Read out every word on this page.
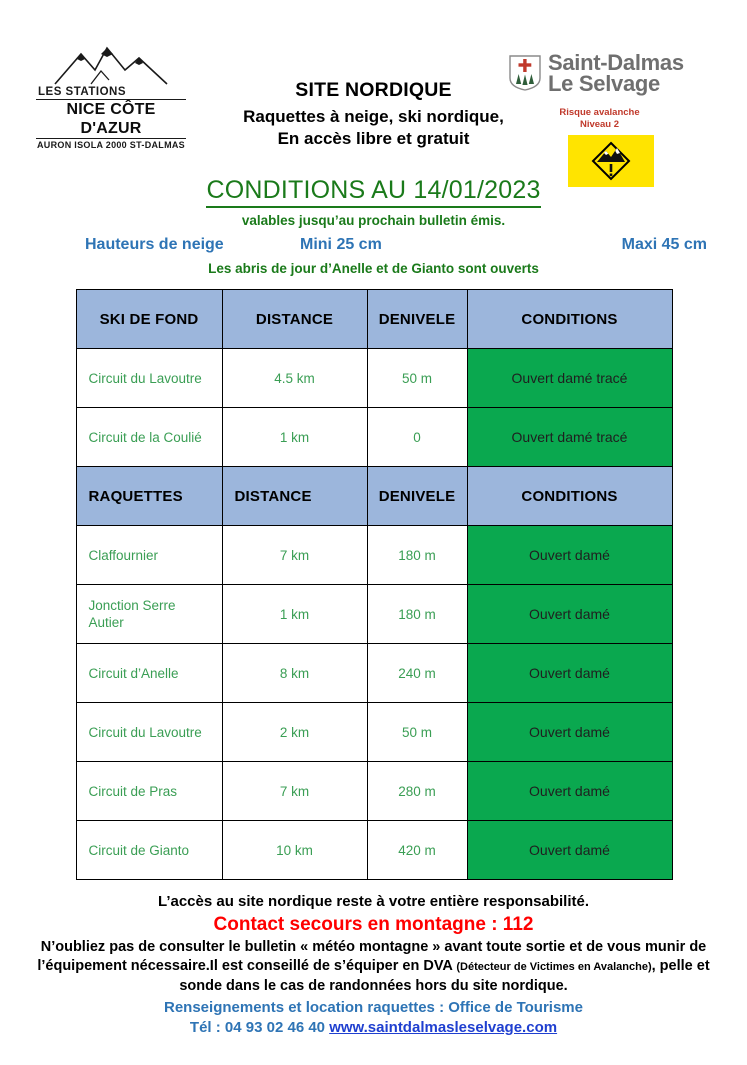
LES STATIONS
NICE CÔTE D'AZUR
AURON ISOLA 2000 ST-DALMAS
SITE NORDIQUE
Raquettes à neige, ski nordique,
En accès libre et gratuit
Saint-Dalmas
Le Selvage
Risque avalanche
Niveau 2
CONDITIONS AU 14/01/2023
valables jusqu’au prochain bulletin émis.
Hauteurs de neige	Mini 25 cm	Maxi 45 cm
Les abris de jour d’Anelle et de Gianto sont ouverts
SKI DE FOND	DISTANCE	DENIVELE	CONDITIONS
Circuit du Lavoutre	4.5 km	50 m	Ouvert damé tracé
Circuit de la Coulié	1 km	0	Ouvert damé tracé
RAQUETTES	DISTANCE	DENIVELE	CONDITIONS
Claffournier	7 km	180 m	Ouvert damé
Jonction Serre Autier	1 km	180 m	Ouvert damé
Circuit d’Anelle	8 km	240 m	Ouvert damé
Circuit du Lavoutre	2 km	50 m	Ouvert damé
Circuit de Pras	7 km	280 m	Ouvert damé
Circuit de Gianto	10 km	420 m	Ouvert damé
L’accès au site nordique reste à votre entière responsabilité.
Contact secours en montagne : 112
N’oubliez pas de consulter le bulletin « météo montagne » avant toute sortie et de vous munir de l’équipement nécessaire.Il est conseillé de s’équiper en DVA (Détecteur de Victimes en Avalanche), pelle et sonde dans le cas de randonnées hors du site nordique.
Renseignements et location raquettes : Office de Tourisme
Tél : 04 93 02 46 40 www.saintdalmasleselvage.com
